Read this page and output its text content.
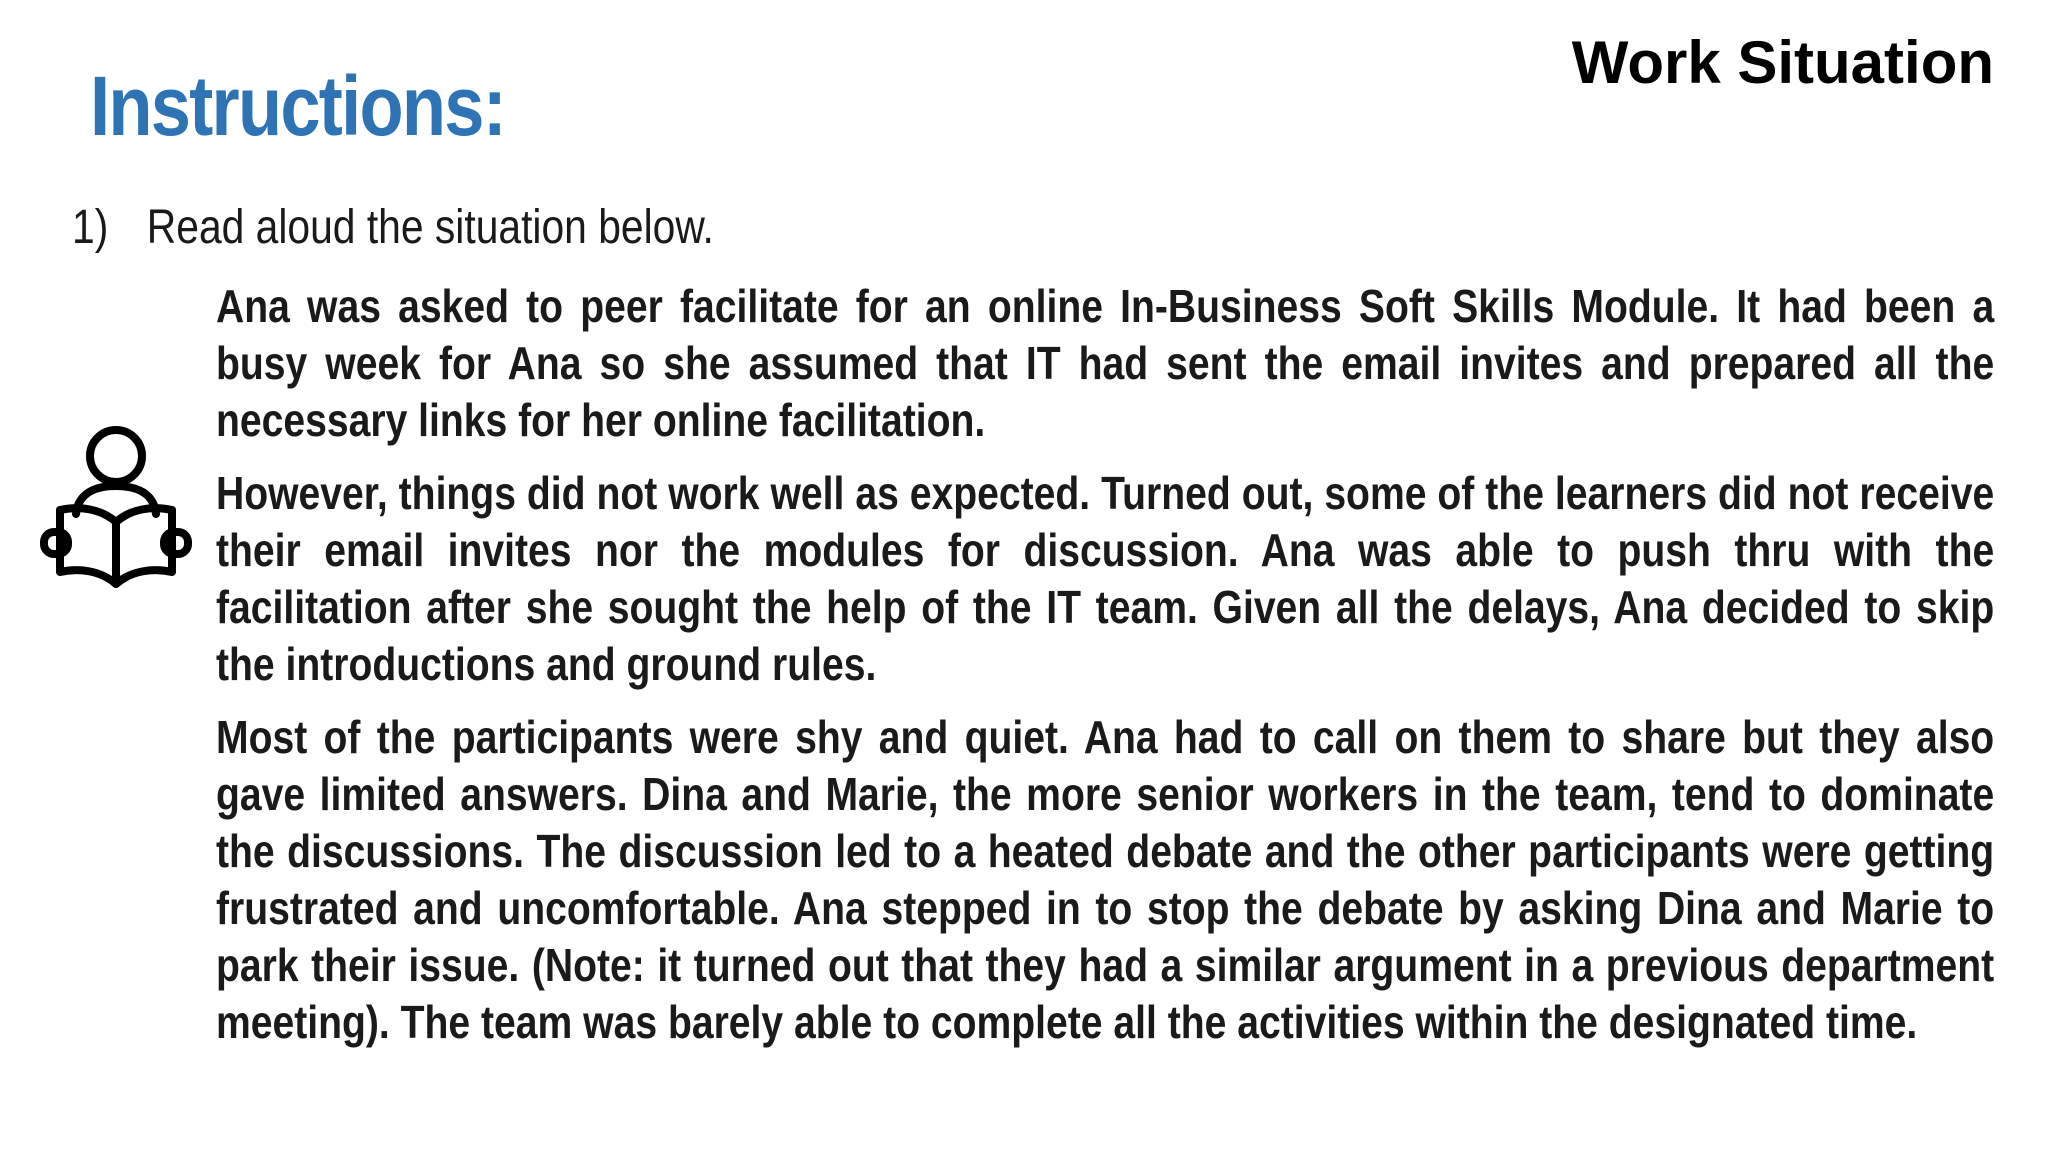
Instructions:	Work Situation
1) Read aloud the situation below.

Ana was asked to peer facilitate for an online In-Business Soft Skills Module. It had been a busy week for Ana so she assumed that IT had sent the email invites and prepared all the necessary links for her online facilitation.

However, things did not work well as expected. Turned out, some of the learners did not receive their email invites nor the modules for discussion. Ana was able to push thru with the facilitation after she sought the help of the IT team. Given all the delays, Ana decided to skip the introductions and ground rules.

Most of the participants were shy and quiet. Ana had to call on them to share but they also gave limited answers. Dina and Marie, the more senior workers in the team, tend to dominate the discussions. The discussion led to a heated debate and the other participants were getting frustrated and uncomfortable. Ana stepped in to stop the debate by asking Dina and Marie to park their issue. (Note: it turned out that they had a similar argument in a previous department meeting). The team was barely able to complete all the activities within the designated time.
